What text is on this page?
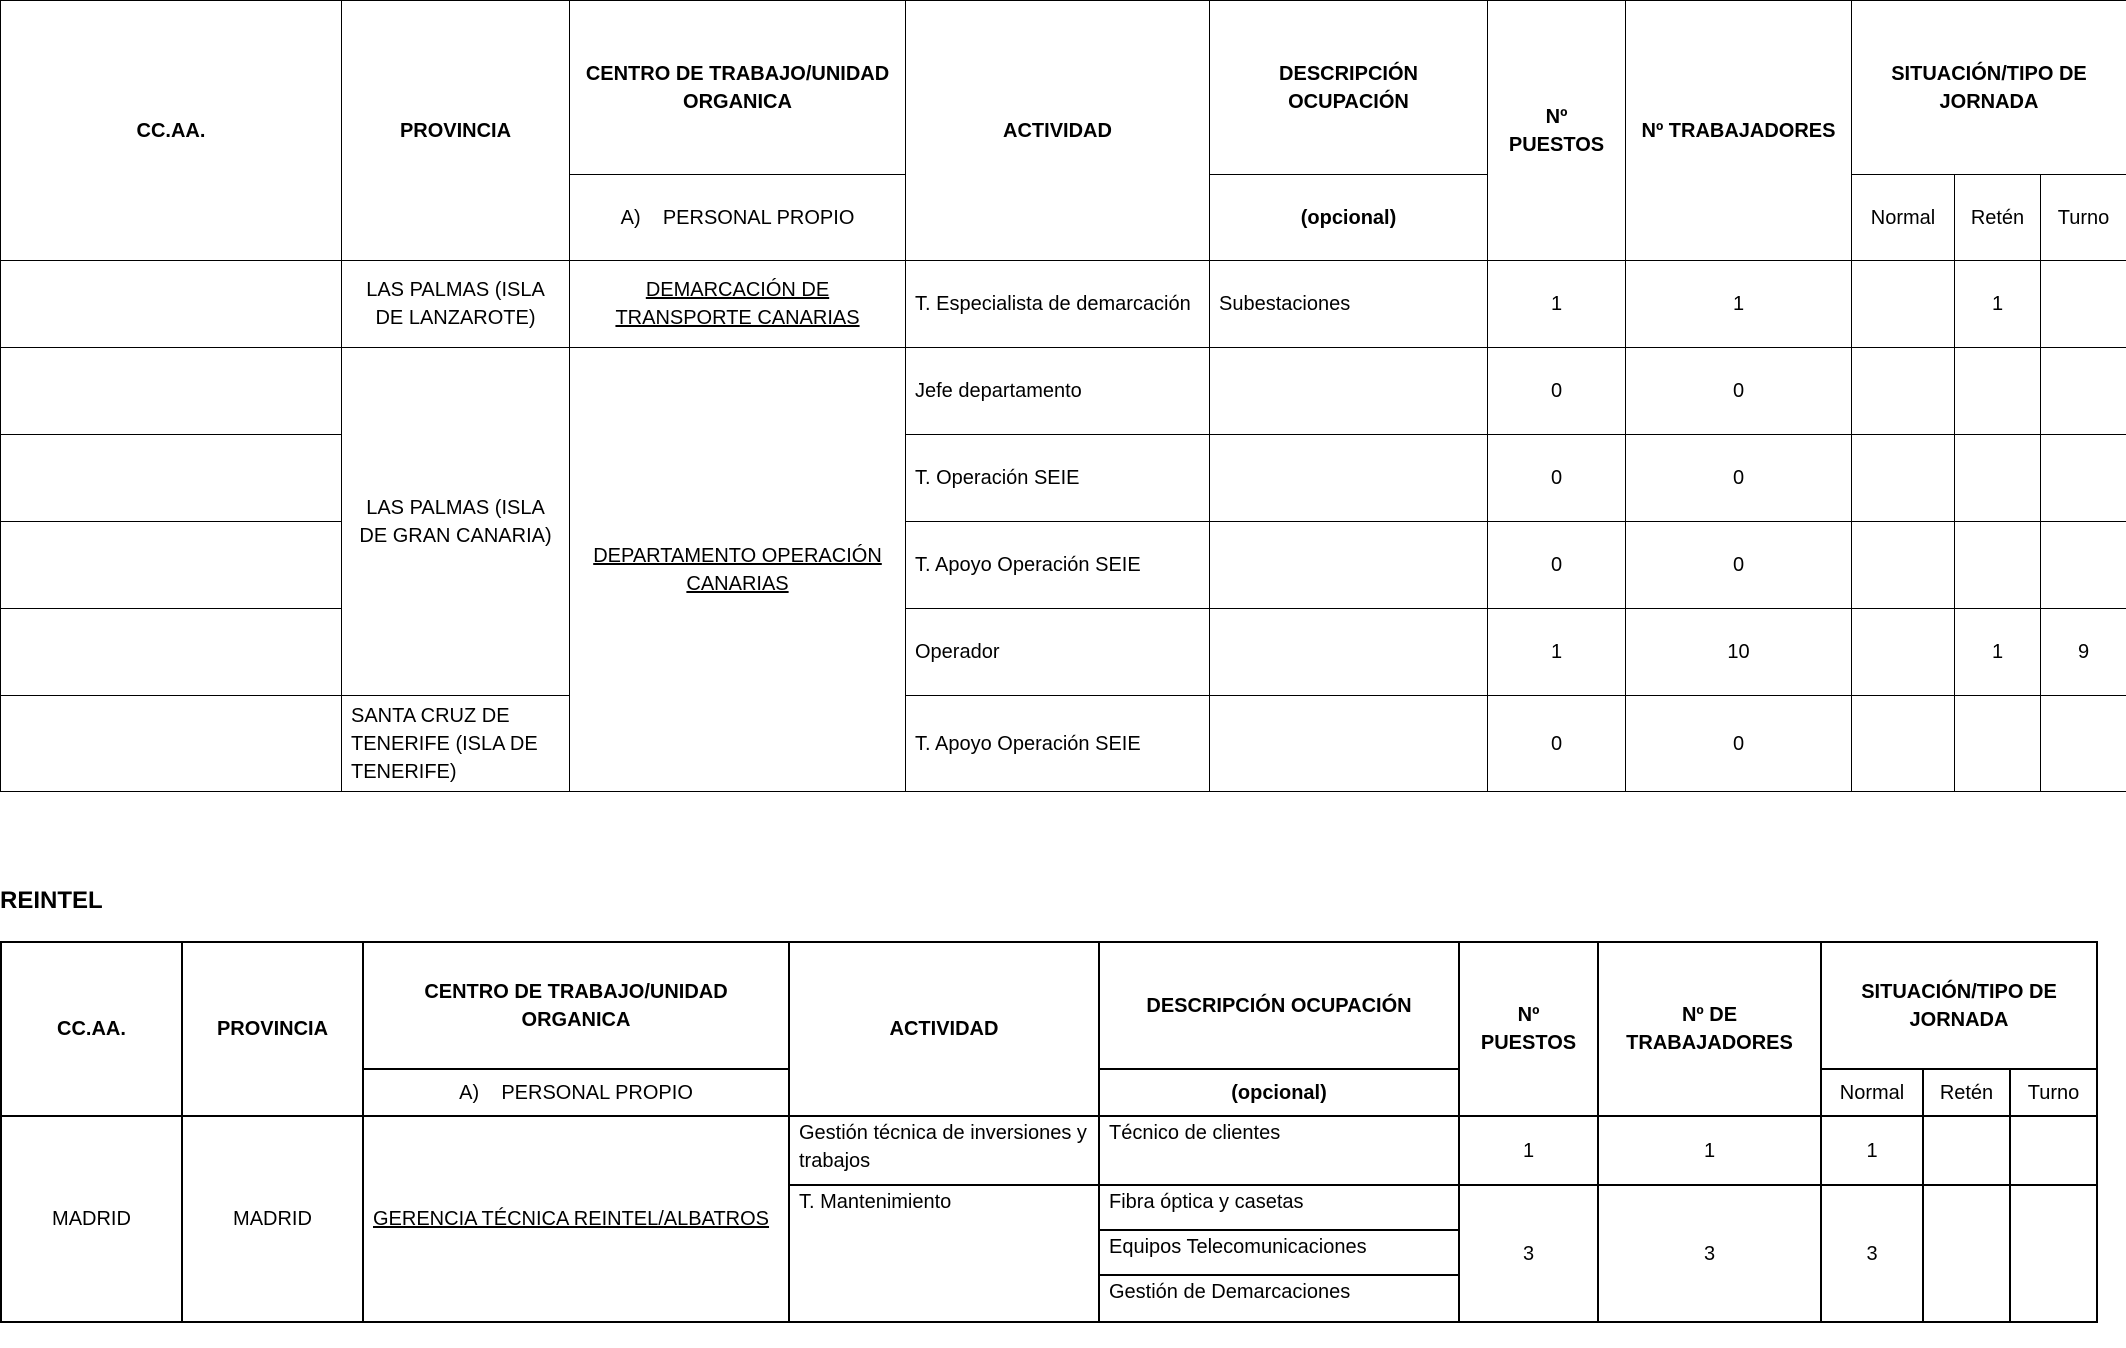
CC.AA.	PROVINCIA	CENTRO DE TRABAJO/UNIDAD ORGANICA	ACTIVIDAD	DESCRIPCIÓN OCUPACIÓN	Nº PUESTOS	Nº TRABAJADORES	SITUACIÓN/TIPO DE JORNADA		
		A)    PERSONAL PROPIO		(opcional)			Normal	Retén	Turno
	LAS PALMAS (ISLA DE LANZAROTE)	DEMARCACIÓN DE TRANSPORTE CANARIAS	T. Especialista de demarcación	Subestaciones	1	1		1	
	LAS PALMAS (ISLA DE GRAN CANARIA)	DEPARTAMENTO OPERACIÓN CANARIAS	Jefe departamento		0	0			
			T. Operación SEIE		0	0			
			T. Apoyo Operación SEIE		0	0			
			Operador		1	10		1	9
	SANTA CRUZ DE TENERIFE (ISLA DE TENERIFE)		T. Apoyo Operación SEIE		0	0			
REINTEL
CC.AA.	PROVINCIA	CENTRO DE TRABAJO/UNIDAD ORGANICA	ACTIVIDAD	DESCRIPCIÓN OCUPACIÓN	Nº PUESTOS	Nº DE TRABAJADORES	SITUACIÓN/TIPO DE JORNADA		
		A)    PERSONAL PROPIO		(opcional)			Normal	Retén	Turno
MADRID	MADRID	GERENCIA TÉCNICA REINTEL/ALBATROS	Gestión técnica de inversiones y trabajos	Técnico de clientes	1	1	1		
			T. Mantenimiento	Fibra óptica y casetas	3	3	3		
				Equipos Telecomunicaciones					
				Gestión de Demarcaciones					
